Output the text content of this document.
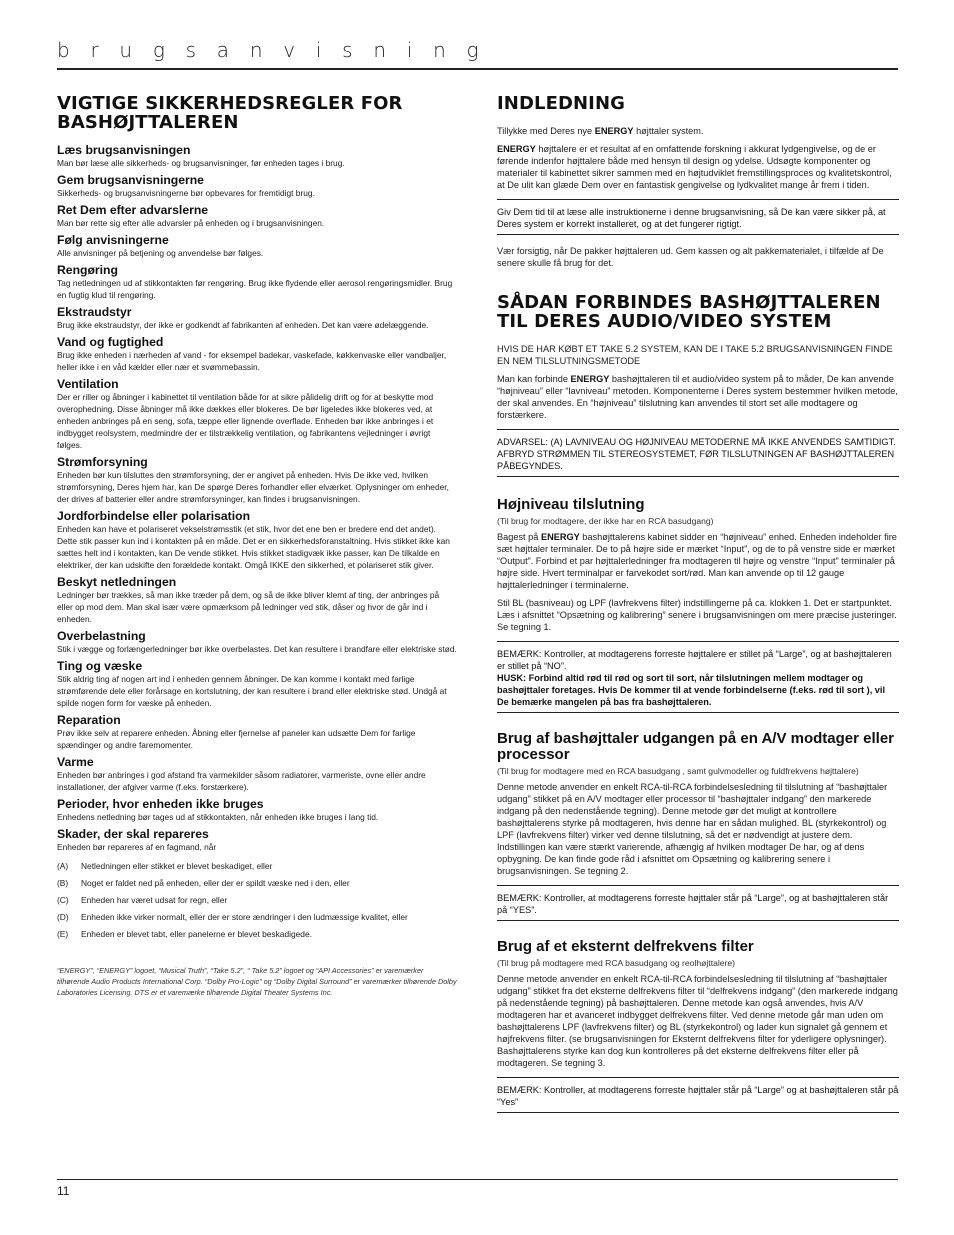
b r u g s a n v i s n i n g
VIGTIGE SIKKERHEDSREGLER FOR BASHØJTTALEREN

Læs brugsanvisningen

Man bør læse alle sikkerheds- og brugsanvisninger, før enheden tages i brug.

Gem brugsanvisningerne

Sikkerheds- og brugsanvisningerne bør opbevares for fremtidigt brug.

Ret Dem efter advarslerne

Man bør rette sig efter alle advarsler på enheden og i brugsanvisningen.

Følg anvisningerne

Alle anvisninger på betjening og anvendelse bør følges.

Rengøring

Tag netledningen ud af stikkontakten før rengøring. Brug ikke flydende eller aerosol rengøringsmidler. Brug en fugtig klud til rengøring.

Ekstraudstyr

Brug ikke ekstraudstyr, der ikke er godkendt af fabrikanten af enheden. Det kan være ødelæggende.

Vand og fugtighed

Brug ikke enheden i nærheden af vand - for eksempel badekar, vaskefade, køkkenvaske eller vandbaljer, heller ikke i en våd kælder eller nær et svømmebassin.

Ventilation

Der er riller og åbninger i kabinettet til ventilation både for at sikre pålidelig drift og for at beskytte mod overophedning. Disse åbninger må ikke dækkes eller blokeres. De bør ligeledes ikke blokeres ved, at enheden anbringes på en seng, sofa, tæppe eller lignende overflade. Enheden bør ikke anbringes i et indbygget reolsystem, medmindre der er tilstrækkelig ventilation, og fabrikantens vejledninger i øvrigt følges.

Strømforsyning

Enheden bør kun tilsluttes den strømforsyning, der er angivet på enheden. Hvis De ikke ved, hvilken strømforsyning, Deres hjem har, kan De spørge Deres forhandler eller elværket. Oplysninger om enheder, der drives af batterier eller andre strømforsyninger, kan findes i brugsanvisningen.

Jordforbindelse eller polarisation

Enheden kan have et polariseret vekselstrømsstik (et stik, hvor det ene ben er bredere end det andet). Dette stik passer kun ind i kontakten på en måde. Det er en sikkerhedsforanstaltning. Hvis stikket ikke kan sættes helt ind i kontakten, kan De vende stikket. Hvis stikket stadigvæk ikke passer, kan De tilkalde en elektriker, der kan udskifte den forældede kontakt. Omgå IKKE den sikkerhed, et polariseret stik giver.

Beskyt netledningen

Ledninger bør trækkes, så man ikke træder på dem, og så de ikke bliver klemt af ting, der anbringes på eller op mod dem. Man skal især være opmærksom på ledninger ved stik, dåser og hvor de går ind i enheden.

Overbelastning

Stik i vægge og forlængerledninger bør ikke overbelastes. Det kan resultere i brandfare eller elektriske stød.

Ting og væske

Stik aldrig ting af nogen art ind i enheden gennem åbninger. De kan komme i kontakt med farlige strømførende dele eller forårsage en kortslutning, der kan resultere i brand eller elektriske stød. Undgå at spilde nogen form for væske på enheden.

Reparation

Prøv ikke selv at reparere enheden. Åbning eller fjernelse af paneler kan udsætte Dem for farlige spændinger og andre faremomenter.

Varme

Enheden bør anbringes i god afstand fra varmekilder såsom radiatorer, varmeriste, ovne eller andre installationer, der afgiver varme (f.eks. forstærkere).

Perioder, hvor enheden ikke bruges

Enhedens netledning bør tages ud af stikkontakten, når enheden ikke bruges i lang tid.

Skader, der skal repareres

Enheden bør repareres af en fagmand, når

(A) Netledningen eller stikket er blevet beskadiget, eller
(B) Noget er faldet ned på enheden, eller der er spildt væske ned i den, eller
(C) Enheden har været udsat for regn, eller
(D) Enheden ikke virker normalt, eller der er store ændringer i den ludmæssige kvalitet, eller
(E) Enheden er blevet tabt, eller panelerne er blevet beskadigede.
“ENERGY”, “ENERGY” logoet, “Musical Truth”, “Take 5.2”, “ Take 5.2” logoet og “API Accessories” er varemærker tilhørende Audio Products International Corp. “Dolby Pro-Logic” og “Dolby Digital Surround” er varemærker tilhørende Dolby Laboratories Licensing. DTS er et varemærke tilhørende Digital Theater Systems Inc.
INDLEDNING

Tillykke med Deres nye ENERGY højttaler system.

ENERGY højttalere er et resultat af en omfattende forskning i akkurat lydgengivelse, og de er førende indenfor højttalere både med hensyn til design og ydelse. Udsøgte komponenter og materialer til kabinettet sikrer sammen med en højtudviklet fremstillingsproces og kvalitetskontrol, at De ulit kan glæde Dem over en fantastisk gengivelse og lydkvalitet mange år frem i tiden.

Giv Dem tid til at læse alle instruktionerne i denne brugsanvisning, så De kan være sikker på, at Deres system er korrekt installeret, og at det fungerer rigtigt.

Vær forsigtig, når De pakker højttaleren ud. Gem kassen og alt pakkematerialet, i tilfælde af De senere skulle få brug for det.

SÅDAN FORBINDES BASHØJTTALEREN TIL DERES AUDIO/VIDEO SYSTEM

HVIS DE HAR KØBT ET TAKE 5.2 SYSTEM, KAN DE I TAKE 5.2 BRUGSANVISNINGEN FINDE EN NEM TILSLUTNINGSMETODE

Man kan forbinde ENERGY bashøjttaleren til et audio/video system på to måder, De kan anvende “højniveau” eller “lavniveau” metoden. Komponenterne i Deres system bestemmer hvilken metode, der skal anvendes. En “højniveau” tilslutning kan anvendes til stort set alle modtagere og forstærkere.

ADVARSEL: (A) LAVNIVEAU OG HØJNIVEAU METODERNE MÅ IKKE ANVENDES SAMTIDIGT. AFBRYD STRØMMEN TIL STEREOSYSTEMET, FØR TILSLUTNINGEN AF BASHØJTTALEREN PÅBEGYNDES.

Højniveau tilslutning

(Til brug for modtagere, der ikke har en RCA basudgang)

Bagest på ENERGY bashøjttalerens kabinet sidder en “højniveau” enhed. Enheden indeholder fire sæt højttaler terminaler. De to på højre side er mærket “Input”, og de to på venstre side er mærket “Output”. Forbind et par højttalerledninger fra modtageren til højre og venstre “Input” terminaler på højre side. Hvert terminalpar er farvekodet sort/rød. Man kan anvende op til 12 gauge højttalerledninger i terminalerne.

Stil BL (basniveau) og LPF (lavfrekvens filter) indstillingerne på ca. klokken 1. Det er startpunktet. Læs i afsnittet “Opsætning og kalibrering” senere i brugsanvisningen om mere præcise justeringer. Se tegning 1.

BEMÆRK: Kontroller, at modtagerens forreste højttalere er stillet på “Large”, og at bashøjttaleren er stillet på “NO”.

HUSK: Forbind altid rød til rød og sort til sort, når tilslutningen mellem modtager og bashøjttaler foretages. Hvis De kommer til at vende forbindelserne (f.eks. rød til sort ), vil De bemærke mangelen på bas fra bashøjttaleren.

Brug af bashøjttaler udgangen på en A/V modtager eller processor

(Til brug for modtagere med en RCA basudgang , samt gulvmodeller og fuldfrekvens højttalere)

Denne metode anvender en enkelt RCA-til-RCA forbindelsesledning til tilslutning af “bashøjttaler udgang” stikket på en A/V modtager eller processor til “bashøjttaler indgang” den markerede indgang på den nedenstående tegning). Denne metode gør det muligt at kontrollere bashøjttalerens styrke på modtageren, hvis denne har en sådan mulighed. BL (styrkekontrol) og LPF (lavfrekvens filter) virker ved denne tilslutning, så det er nødvendigt at justere dem. Indstillingen kan være stærkt varierende, afhængig af hvilken modtager De har, og af dens opbygning. De kan finde gode råd i afsnittet om Opsætning og kalibrering senere i brugsanvisningen. Se tegning 2.

BEMÆRK: Kontroller, at modtagerens forreste højttaler står på “Large”, og at bashøjttaleren står på “YES”.

Brug af et eksternt delfrekvens filter

(Til brug på modtagere med RCA basudgang og reolhøjttalere)

Denne metode anvender en enkelt RCA-til-RCA forbindelsesledning til tilslutning af “bashøjttaler udgang” stikket fra det eksterne delfrekvens filter til “delfrekvens indgang” (den markerede indgang på nedenstående tegning) på bashøjttaleren. Denne metode kan også anvendes, hvis A/V modtageren har et avanceret indbygget delfrekvens filter. Ved denne metode går man uden om bashøjttalerens LPF (lavfrekvens filter) og BL (styrkekontrol) og lader kun signalet gå gennem et højfrekvens filter. (se brugsanvisningen for Eksternt delfrekvens filter for yderligere oplysninger). Bashøjttalerens styrke kan dog kun kontrolleres på det eksterne delfrekvens filter eller på modtageren. Se tegning 3.

BEMÆRK: Kontroller, at modtagerens forreste højttaler står på “Large” og at bashøjttaleren står på “Yes”

11
